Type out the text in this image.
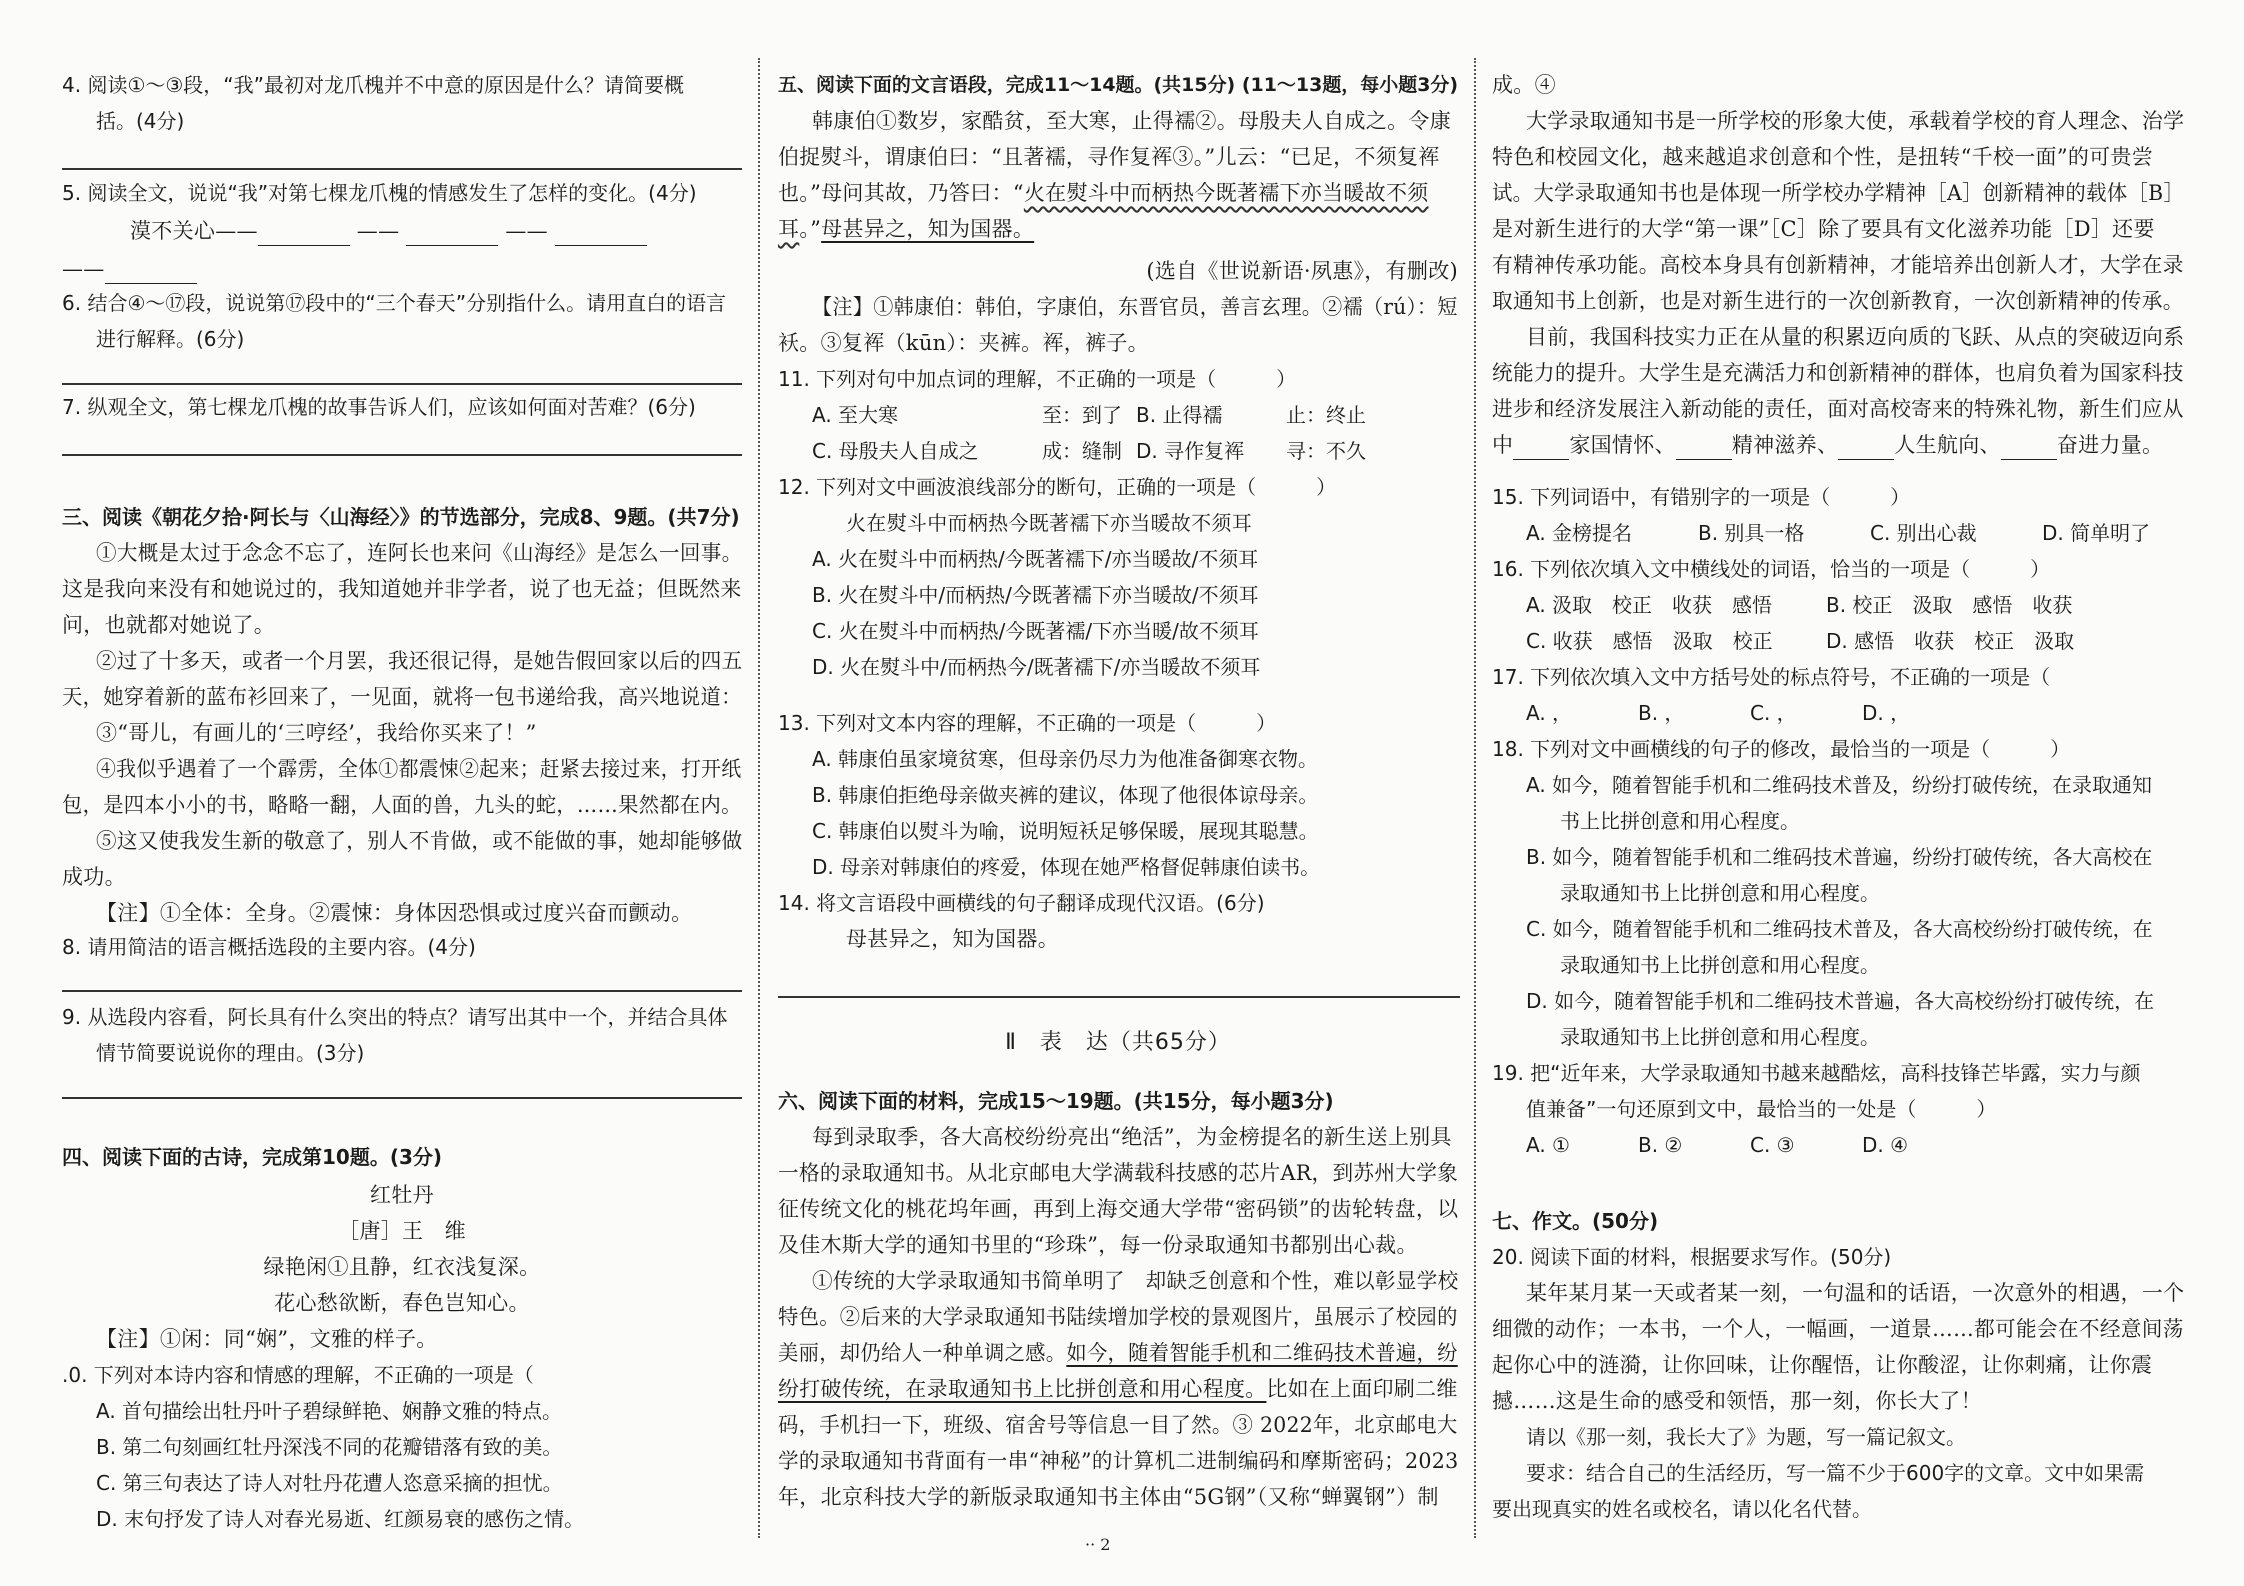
4. 阅读①～③段，“我”最初对龙爪槐并不中意的原因是什么？请简要概
括。(4分)
5. 阅读全文，说说“我”对第七棵龙爪槐的情感发生了怎样的变化。(4分)
漠不关心——	——	——
——
6. 结合④～⑰段，说说第⑰段中的“三个春天”分别指什么。请用直白的语言
进行解释。(6分)
7. 纵观全文，第七棵龙爪槐的故事告诉人们，应该如何面对苦难？(6分)
三、阅读《朝花夕拾·阿长与〈山海经〉》的节选部分，完成8、9题。(共7分)
①大概是太过于念念不忘了，连阿长也来问《山海经》是怎么一回事。
这是我向来没有和她说过的，我知道她并非学者，说了也无益；但既然来
问，也就都对她说了。
②过了十多天，或者一个月罢，我还很记得，是她告假回家以后的四五
天，她穿着新的蓝布衫回来了，一见面，就将一包书递给我，高兴地说道：
③“哥儿，有画儿的‘三哼经’，我给你买来了！”
④我似乎遇着了一个霹雳，全体①都震悚②起来；赶紧去接过来，打开纸
包，是四本小小的书，略略一翻，人面的兽，九头的蛇，……果然都在内。
⑤这又使我发生新的敬意了，别人不肯做，或不能做的事，她却能够做
成功。
【注】①全体：全身。②震悚：身体因恐惧或过度兴奋而颤动。
8. 请用简洁的语言概括选段的主要内容。(4分)
9. 从选段内容看，阿长具有什么突出的特点？请写出其中一个，并结合具体
情节简要说说你的理由。(3分)
四、阅读下面的古诗，完成第10题。(3分)
红牡丹
［唐］王　维
绿艳闲①且静，红衣浅复深。
花心愁欲断，春色岂知心。
【注】①闲：同“娴”，文雅的样子。
.0. 下列对本诗内容和情感的理解，不正确的一项是（
A. 首句描绘出牡丹叶子碧绿鲜艳、娴静文雅的特点。
B. 第二句刻画红牡丹深浅不同的花瓣错落有致的美。
C. 第三句表达了诗人对牡丹花遭人恣意采摘的担忧。
D. 末句抒发了诗人对春光易逝、红颜易衰的感伤之情。
五、阅读下面的文言语段，完成11～14题。(共15分) (11～13题，每小题3分)
韩康伯①数岁，家酷贫，至大寒，止得襦②。母殷夫人自成之。令康
伯捉熨斗，谓康伯曰：“且著襦，寻作复裈③。”儿云：“已足，不须复裈
也。”母问其故，乃答曰：“火在熨斗中而柄热今既著襦下亦当暖故不须
耳。”母甚异之，知为国器。
(选自《世说新语·夙惠》，有删改)
【注】①韩康伯：韩伯，字康伯，东晋官员，善言玄理。②襦（rú）：短
袄。③复裈（kūn）：夹裤。裈，裤子。
11. 下列对句中加点词的理解，不正确的一项是（　　　）
A. 至大寒	至：到了 B. 止得襦	止：终止
C. 母殷夫人自成之	成：缝制 D. 寻作复裈 寻：不久
12. 下列对文中画波浪线部分的断句，正确的一项是（　　　）
火在熨斗中而柄热今既著襦下亦当暖故不须耳
A. 火在熨斗中而柄热/今既著襦下/亦当暖故/不须耳
B. 火在熨斗中/而柄热/今既著襦下亦当暖故/不须耳
C. 火在熨斗中而柄热/今既著襦/下亦当暖/故不须耳
D. 火在熨斗中/而柄热今/既著襦下/亦当暖故不须耳
13. 下列对文本内容的理解，不正确的一项是（　　　）
A. 韩康伯虽家境贫寒，但母亲仍尽力为他准备御寒衣物。
B. 韩康伯拒绝母亲做夹裤的建议，体现了他很体谅母亲。
C. 韩康伯以熨斗为喻，说明短袄足够保暖，展现其聪慧。
D. 母亲对韩康伯的疼爱，体现在她严格督促韩康伯读书。
14. 将文言语段中画横线的句子翻译成现代汉语。(6分)
母甚异之，知为国器。
Ⅱ　表　达（共65分）
六、阅读下面的材料，完成15～19题。(共15分，每小题3分)
每到录取季，各大高校纷纷亮出“绝活”，为金榜提名的新生送上别具
一格的录取通知书。从北京邮电大学满载科技感的芯片AR，到苏州大学象
征传统文化的桃花坞年画，再到上海交通大学带“密码锁”的齿轮转盘，以
及佳木斯大学的通知书里的“珍珠”，每一份录取通知书都别出心裁。
①传统的大学录取通知书简单明了　却缺乏创意和个性，难以彰显学校
特色。②后来的大学录取通知书陆续增加学校的景观图片，虽展示了校园的
美丽，却仍给人一种单调之感。如今，随着智能手机和二维码技术普遍，纷
纷打破传统，在录取通知书上比拼创意和用心程度。比如在上面印刷二维
码，手机扫一下，班级、宿舍号等信息一目了然。③ 2022年，北京邮电大
学的录取通知书背面有一串“神秘”的计算机二进制编码和摩斯密码；2023
年，北京科技大学的新版录取通知书主体由“5G钢”（又称“蝉翼钢”）制
·· 2
成。④
大学录取通知书是一所学校的形象大使，承载着学校的育人理念、治学
特色和校园文化，越来越追求创意和个性，是扭转“千校一面”的可贵尝
试。大学录取通知书也是体现一所学校办学精神［A］创新精神的载体［B］
是对新生进行的大学“第一课”［C］除了要具有文化滋养功能［D］还要
有精神传承功能。高校本身具有创新精神，才能培养出创新人才，大学在录
取通知书上创新，也是对新生进行的一次创新教育，一次创新精神的传承。
目前，我国科技实力正在从量的积累迈向质的飞跃、从点的突破迈向系
统能力的提升。大学生是充满活力和创新精神的群体，也肩负着为国家科技
进步和经济发展注入新动能的责任，面对高校寄来的特殊礼物，新生们应从
中	家国情怀、	精神滋养、	人生航向、	奋进力量。
15. 下列词语中，有错别字的一项是（　　　）
A. 金榜提名	B. 别具一格	C. 别出心裁	D. 简单明了
16. 下列依次填入文中横线处的词语，恰当的一项是（　　　）
A. 汲取　校正　收获　感悟	B. 校正　汲取　感悟　收获
C. 收获　感悟　汲取　校正	D. 感悟　收获　校正　汲取
17. 下列依次填入文中方括号处的标点符号，不正确的一项是（
A. ，	B. ，	C. ，	D. ，
18. 下列对文中画横线的句子的修改，最恰当的一项是（　　　）
A. 如今，随着智能手机和二维码技术普及，纷纷打破传统，在录取通知
书上比拼创意和用心程度。
B. 如今，随着智能手机和二维码技术普遍，纷纷打破传统，各大高校在
录取通知书上比拼创意和用心程度。
C. 如今，随着智能手机和二维码技术普及，各大高校纷纷打破传统，在
录取通知书上比拼创意和用心程度。
D. 如今，随着智能手机和二维码技术普遍，各大高校纷纷打破传统，在
录取通知书上比拼创意和用心程度。
19. 把“近年来，大学录取通知书越来越酷炫，高科技锋芒毕露，实力与颜
值兼备”一句还原到文中，最恰当的一处是（　　　）
A. ①	B. ②	C. ③	D. ④
七、作文。(50分)
20. 阅读下面的材料，根据要求写作。(50分)
某年某月某一天或者某一刻，一句温和的话语，一次意外的相遇，一个
细微的动作；一本书，一个人，一幅画，一道景……都可能会在不经意间荡
起你心中的涟漪，让你回味，让你醒悟，让你酸涩，让你刺痛，让你震
撼……这是生命的感受和领悟，那一刻，你长大了！
请以《那一刻，我长大了》为题，写一篇记叙文。
要求：结合自己的生活经历，写一篇不少于600字的文章。文中如果需
要出现真实的姓名或校名，请以化名代替。
